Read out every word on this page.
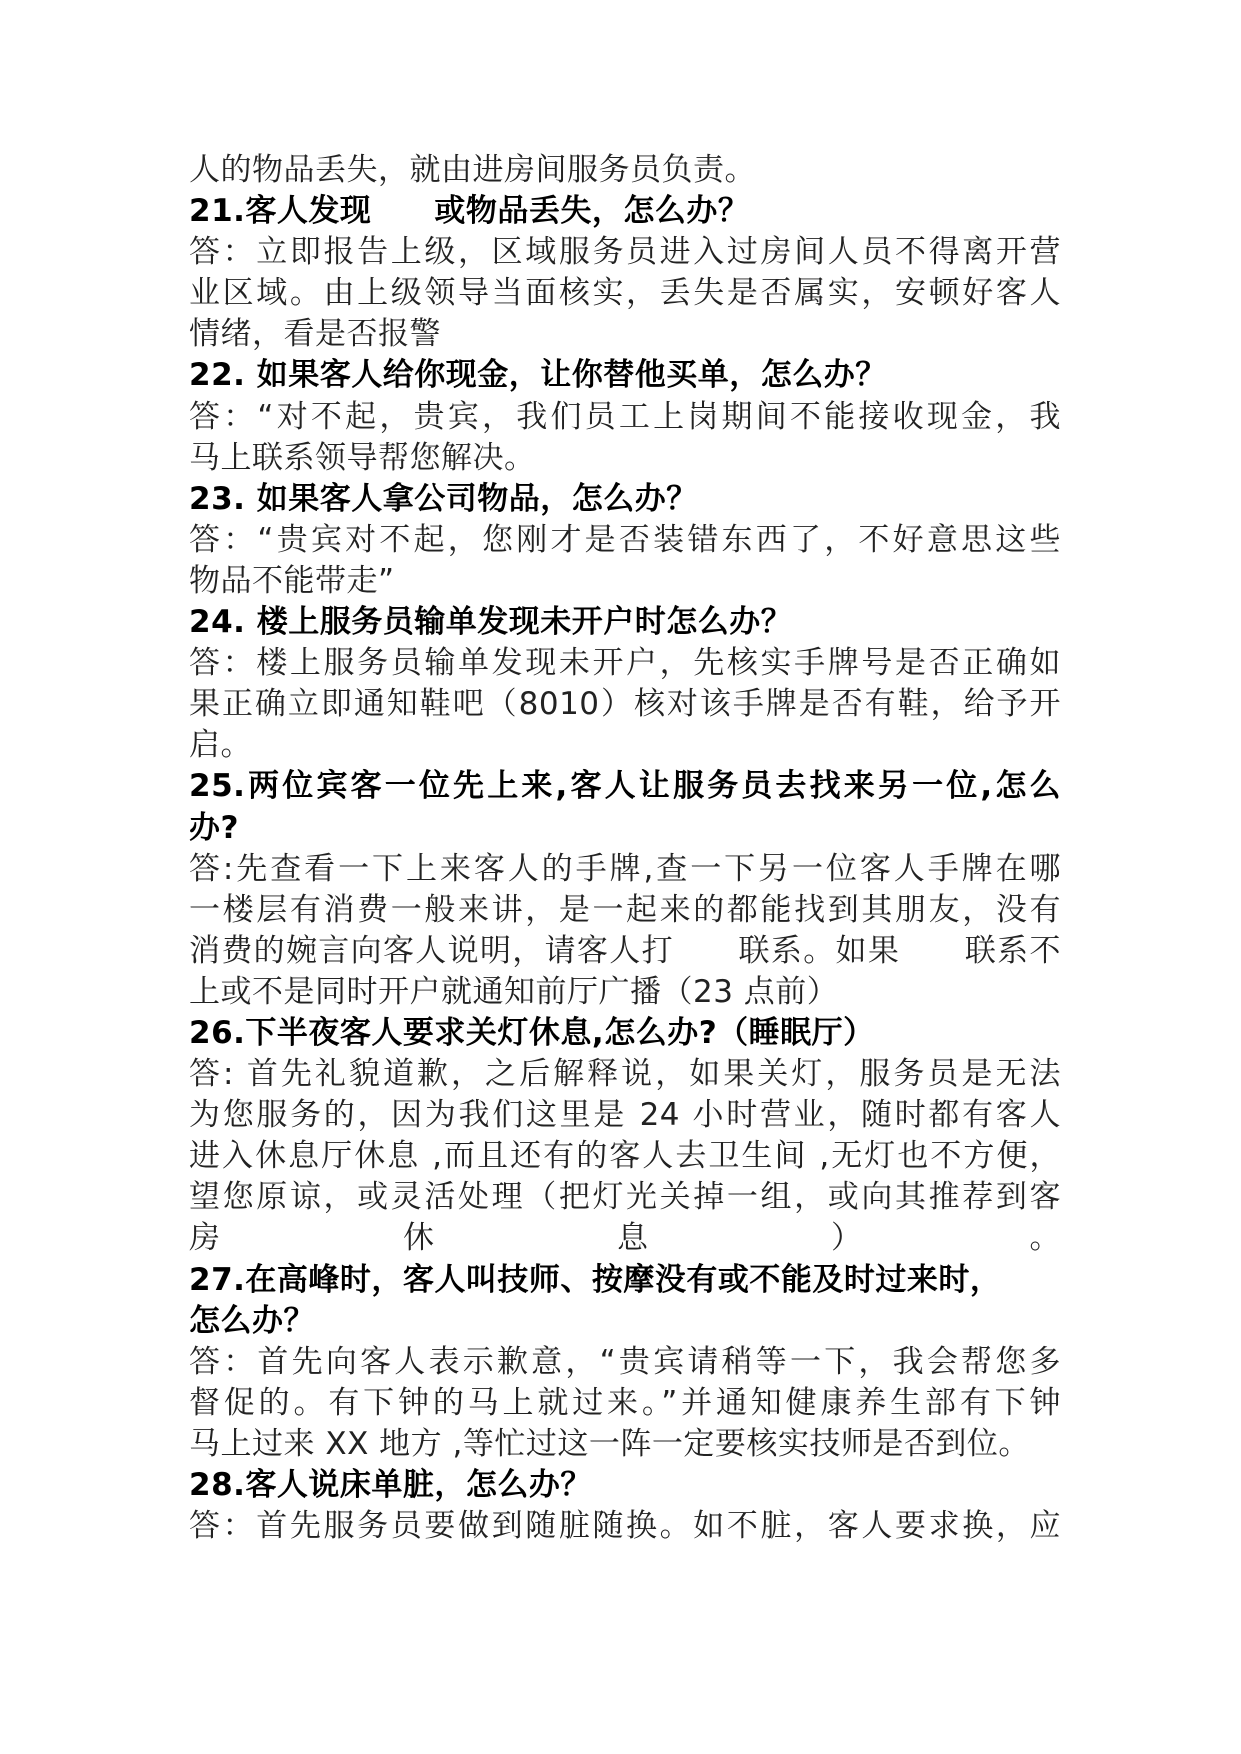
人的物品丢失，就由进房间服务员负责。
21.客人发现　　或物品丢失，怎么办？
答：立即报告上级，区域服务员进入过房间人员不得离开营
业区域。由上级领导当面核实，丢失是否属实，安顿好客人
情绪，看是否报警
22. 如果客人给你现金，让你替他买单，怎么办？
答：“对不起，贵宾，我们员工上岗期间不能接收现金，我
马上联系领导帮您解决。
23. 如果客人拿公司物品，怎么办？
答：“贵宾对不起，您刚才是否装错东西了，不好意思这些
物品不能带走”
24. 楼上服务员输单发现未开户时怎么办？
答：楼上服务员输单发现未开户，先核实手牌号是否正确如
果正确立即通知鞋吧（8010）核对该手牌是否有鞋，给予开
启。
25.两位宾客一位先上来,客人让服务员去找来另一位,怎么
办?
答:先查看一下上来客人的手牌,查一下另一位客人手牌在哪
一楼层有消费一般来讲，是一起来的都能找到其朋友，没有
消费的婉言向客人说明，请客人打　　联系。如果　　联系不
上或不是同时开户就通知前厅广播（23 点前）
26.下半夜客人要求关灯休息,怎么办?（睡眠厅）
答: 首先礼貌道歉，之后解释说，如果关灯，服务员是无法
为您服务的，因为我们这里是 24 小时营业，随时都有客人
进入休息厅休息 ,而且还有的客人去卫生间 ,无灯也不方便，
望您原谅，或灵活处理（把灯光关掉一组，或向其推荐到客
房休息）。
27.在高峰时，客人叫技师、按摩没有或不能及时过来时，
怎么办？
答：首先向客人表示歉意，“贵宾请稍等一下，我会帮您多
督促的。有下钟的马上就过来。”并通知健康养生部有下钟
马上过来 XX 地方 ,等忙过这一阵一定要核实技师是否到位。
28.客人说床单脏，怎么办？
答：首先服务员要做到随脏随换。如不脏，客人要求换，应
